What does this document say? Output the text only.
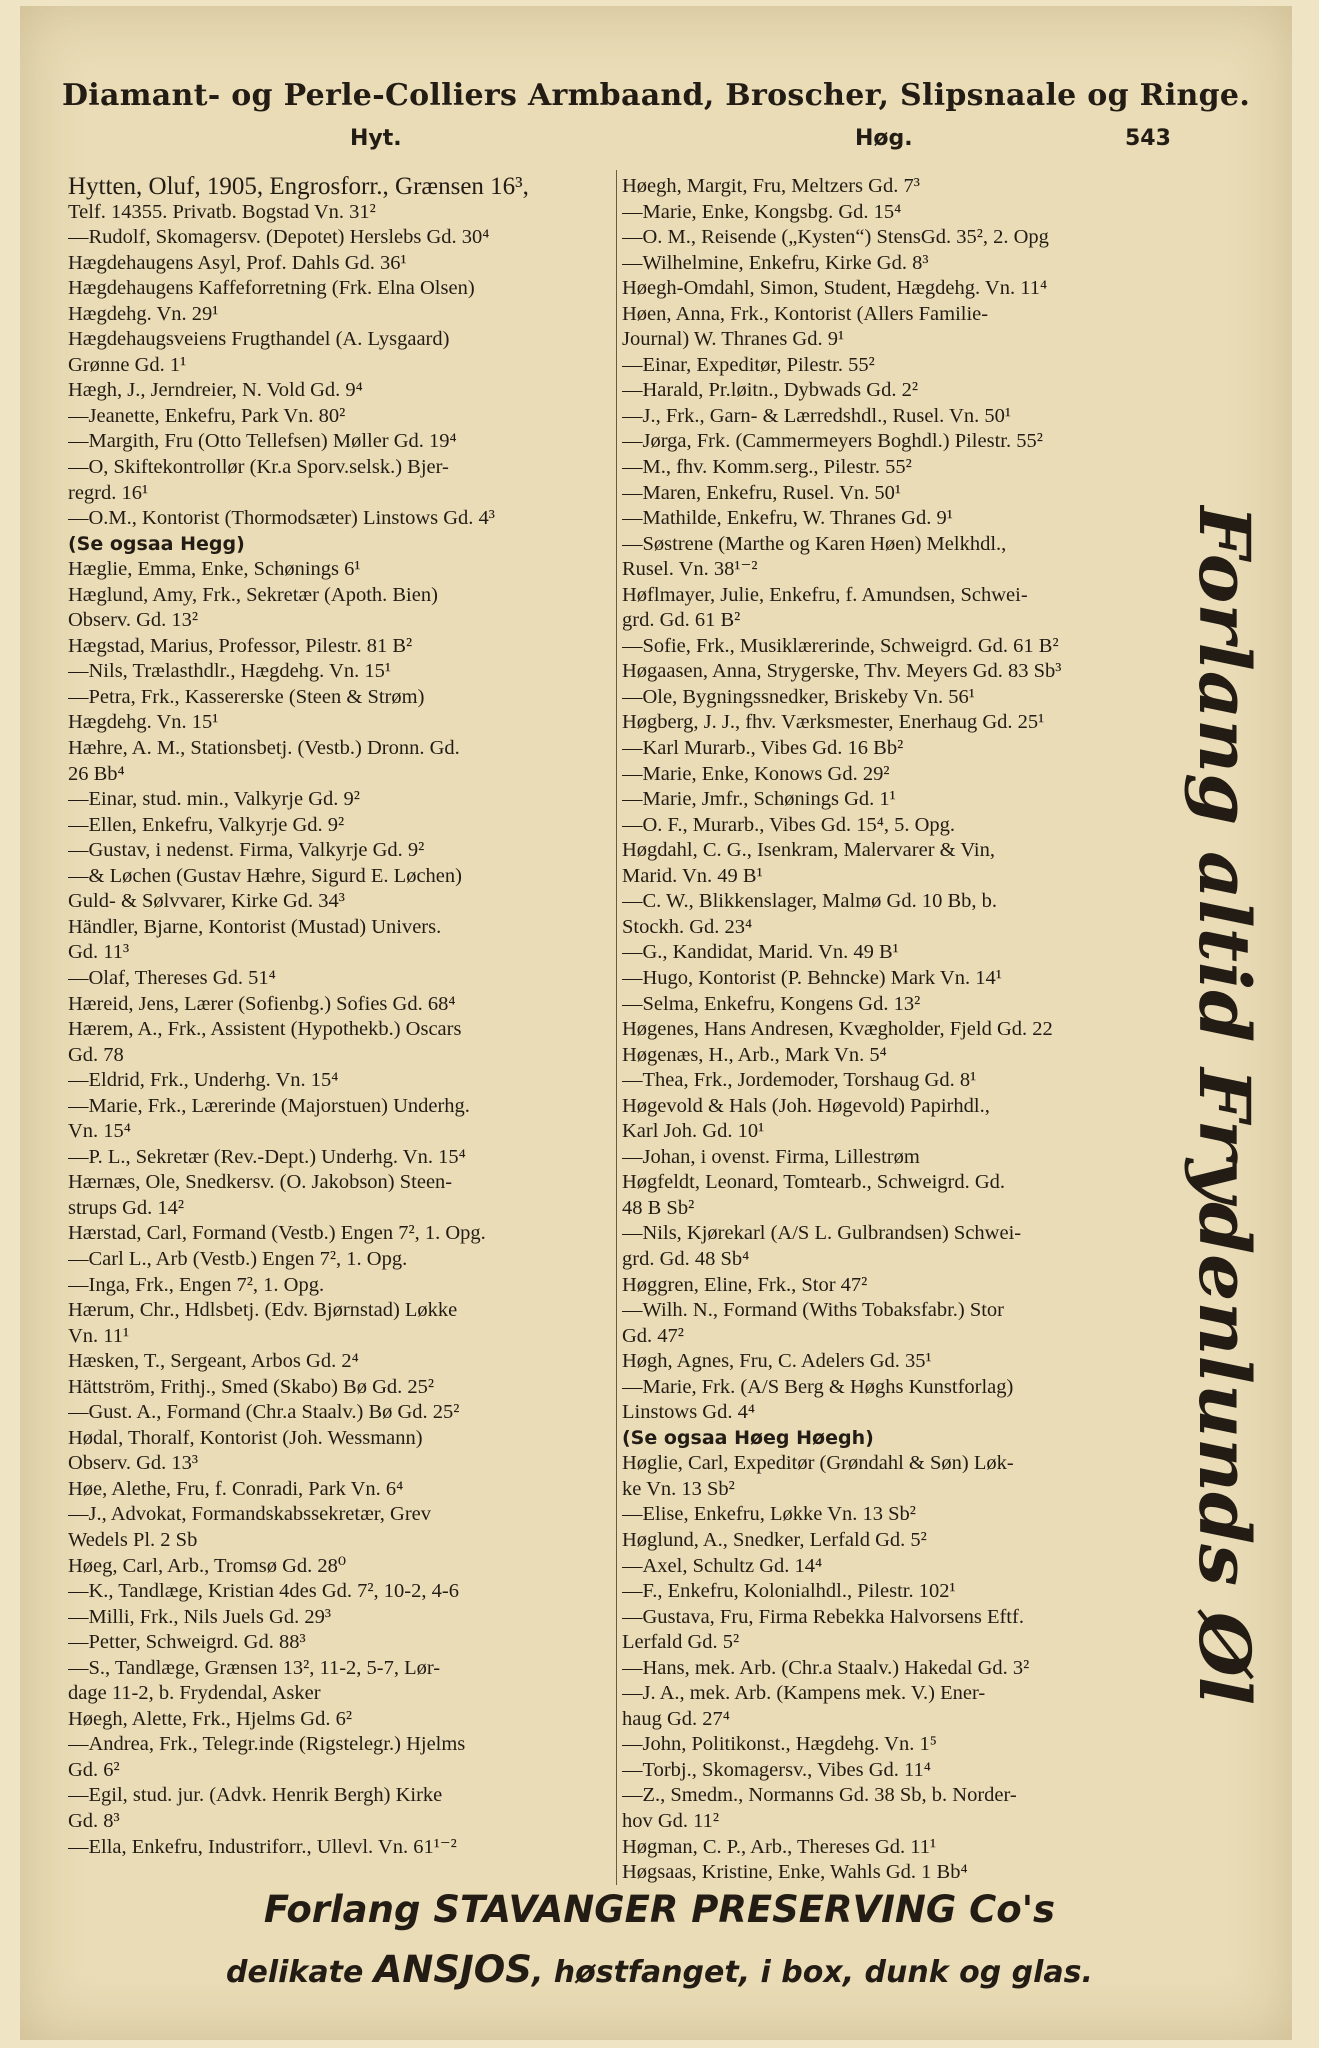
Diamant- og Perle-Colliers Armbaand, Broscher, Slipsnaale og Ringe.
Hyt.	Høg.	543
Hytten, Oluf, 1905, Engrosforr., Grænsen 16³,
Telf. 14355. Privatb. Bogstad Vn. 31²
—Rudolf, Skomagersv. (Depotet) Herslebs Gd. 30⁴
Hægdehaugens Asyl, Prof. Dahls Gd. 36¹
Hægdehaugens Kaffeforretning (Frk. Elna Olsen)
Hægdehg. Vn. 29¹
Hægdehaugsveiens Frugthandel (A. Lysgaard)
Grønne Gd. 1¹
Hægh, J., Jerndreier, N. Vold Gd. 9⁴
—Jeanette, Enkefru, Park Vn. 80²
—Margith, Fru (Otto Tellefsen) Møller Gd. 19⁴
—O, Skiftekontrollør (Kr.a Sporv.selsk.) Bjer-
regrd. 16¹
—O.M., Kontorist (Thormodsæter) Linstows Gd. 4³
(Se ogsaa Hegg)
Hæglie, Emma, Enke, Schønings 6¹
Hæglund, Amy, Frk., Sekretær (Apoth. Bien)
Observ. Gd. 13²
Hægstad, Marius, Professor, Pilestr. 81 B²
—Nils, Trælasthdlr., Hægdehg. Vn. 15¹
—Petra, Frk., Kassererske (Steen & Strøm)
Hægdehg. Vn. 15¹
Hæhre, A. M., Stationsbetj. (Vestb.) Dronn. Gd.
26 Bb⁴
—Einar, stud. min., Valkyrje Gd. 9²
—Ellen, Enkefru, Valkyrje Gd. 9²
—Gustav, i nedenst. Firma, Valkyrje Gd. 9²
—& Løchen (Gustav Hæhre, Sigurd E. Løchen)
Guld- & Sølvvarer, Kirke Gd. 34³
Händler, Bjarne, Kontorist (Mustad) Univers.
Gd. 11³
—Olaf, Thereses Gd. 51⁴
Hæreid, Jens, Lærer (Sofienbg.) Sofies Gd. 68⁴
Hærem, A., Frk., Assistent (Hypothekb.) Oscars
Gd. 78
—Eldrid, Frk., Underhg. Vn. 15⁴
—Marie, Frk., Lærerinde (Majorstuen) Underhg.
Vn. 15⁴
—P. L., Sekretær (Rev.-Dept.) Underhg. Vn. 15⁴
Hærnæs, Ole, Snedkersv. (O. Jakobson) Steen-
strups Gd. 14²
Hærstad, Carl, Formand (Vestb.) Engen 7², 1. Opg.
—Carl L., Arb (Vestb.) Engen 7², 1. Opg.
—Inga, Frk., Engen 7², 1. Opg.
Hærum, Chr., Hdlsbetj. (Edv. Bjørnstad) Løkke
Vn. 11¹
Hæsken, T., Sergeant, Arbos Gd. 2⁴
Hättström, Frithj., Smed (Skabo) Bø Gd. 25²
—Gust. A., Formand (Chr.a Staalv.) Bø Gd. 25²
Hødal, Thoralf, Kontorist (Joh. Wessmann)
Observ. Gd. 13³
Høe, Alethe, Fru, f. Conradi, Park Vn. 6⁴
—J., Advokat, Formandskabssekretær, Grev
Wedels Pl. 2 Sb
Høeg, Carl, Arb., Tromsø Gd. 28⁰
—K., Tandlæge, Kristian 4des Gd. 7², 10-2, 4-6
—Milli, Frk., Nils Juels Gd. 29³
—Petter, Schweigrd. Gd. 88³
—S., Tandlæge, Grænsen 13², 11-2, 5-7, Lør-
dage 11-2, b. Frydendal, Asker
Høegh, Alette, Frk., Hjelms Gd. 6²
—Andrea, Frk., Telegr.inde (Rigstelegr.) Hjelms
Gd. 6²
—Egil, stud. jur. (Advk. Henrik Bergh) Kirke
Gd. 8³
—Ella, Enkefru, Industriforr., Ullevl. Vn. 61¹⁻²
Høegh, Margit, Fru, Meltzers Gd. 7³
—Marie, Enke, Kongsbg. Gd. 15⁴
—O. M., Reisende („Kysten“) StensGd. 35², 2. Opg
—Wilhelmine, Enkefru, Kirke Gd. 8³
Høegh-Omdahl, Simon, Student, Hægdehg. Vn. 11⁴
Høen, Anna, Frk., Kontorist (Allers Familie-
Journal) W. Thranes Gd. 9¹
—Einar, Expeditør, Pilestr. 55²
—Harald, Pr.løitn., Dybwads Gd. 2²
—J., Frk., Garn- & Lærredshdl., Rusel. Vn. 50¹
—Jørga, Frk. (Cammermeyers Boghdl.) Pilestr. 55²
—M., fhv. Komm.serg., Pilestr. 55²
—Maren, Enkefru, Rusel. Vn. 50¹
—Mathilde, Enkefru, W. Thranes Gd. 9¹
—Søstrene (Marthe og Karen Høen) Melkhdl.,
Rusel. Vn. 38¹⁻²
Høflmayer, Julie, Enkefru, f. Amundsen, Schwei-
grd. Gd. 61 B²
—Sofie, Frk., Musiklærerinde, Schweigrd. Gd. 61 B²
Høgaasen, Anna, Strygerske, Thv. Meyers Gd. 83 Sb³
—Ole, Bygningssnedker, Briskeby Vn. 56¹
Høgberg, J. J., fhv. Værksmester, Enerhaug Gd. 25¹
—Karl Murarb., Vibes Gd. 16 Bb²
—Marie, Enke, Konows Gd. 29²
—Marie, Jmfr., Schønings Gd. 1¹
—O. F., Murarb., Vibes Gd. 15⁴, 5. Opg.
Høgdahl, C. G., Isenkram, Malervarer & Vin,
Marid. Vn. 49 B¹
—C. W., Blikkenslager, Malmø Gd. 10 Bb, b.
Stockh. Gd. 23⁴
—G., Kandidat, Marid. Vn. 49 B¹
—Hugo, Kontorist (P. Behncke) Mark Vn. 14¹
—Selma, Enkefru, Kongens Gd. 13²
Høgenes, Hans Andresen, Kvægholder, Fjeld Gd. 22
Høgenæs, H., Arb., Mark Vn. 5⁴
—Thea, Frk., Jordemoder, Torshaug Gd. 8¹
Høgevold & Hals (Joh. Høgevold) Papirhdl.,
Karl Joh. Gd. 10¹
—Johan, i ovenst. Firma, Lillestrøm
Høgfeldt, Leonard, Tomtearb., Schweigrd. Gd.
48 B Sb²
—Nils, Kjørekarl (A/S L. Gulbrandsen) Schwei-
grd. Gd. 48 Sb⁴
Høggren, Eline, Frk., Stor 47²
—Wilh. N., Formand (Withs Tobaksfabr.) Stor
Gd. 47²
Høgh, Agnes, Fru, C. Adelers Gd. 35¹
—Marie, Frk. (A/S Berg & Høghs Kunstforlag)
Linstows Gd. 4⁴
(Se ogsaa Høeg Høegh)
Høglie, Carl, Expeditør (Grøndahl & Søn) Løk-
ke Vn. 13 Sb²
—Elise, Enkefru, Løkke Vn. 13 Sb²
Høglund, A., Snedker, Lerfald Gd. 5²
—Axel, Schultz Gd. 14⁴
—F., Enkefru, Kolonialhdl., Pilestr. 102¹
—Gustava, Fru, Firma Rebekka Halvorsens Eftf.
Lerfald Gd. 5²
—Hans, mek. Arb. (Chr.a Staalv.) Hakedal Gd. 3²
—J. A., mek. Arb. (Kampens mek. V.) Ener-
haug Gd. 27⁴
—John, Politikonst., Hægdehg. Vn. 1⁵
—Torbj., Skomagersv., Vibes Gd. 11⁴
—Z., Smedm., Normanns Gd. 38 Sb, b. Norder-
hov Gd. 11²
Høgman, C. P., Arb., Thereses Gd. 11¹
Høgsaas, Kristine, Enke, Wahls Gd. 1 Bb⁴
Forlang altid Frydenlunds Øl
Forlang STAVANGER PRESERVING Co's
delikate ANSJOS, høstfanget, i box, dunk og glas.
